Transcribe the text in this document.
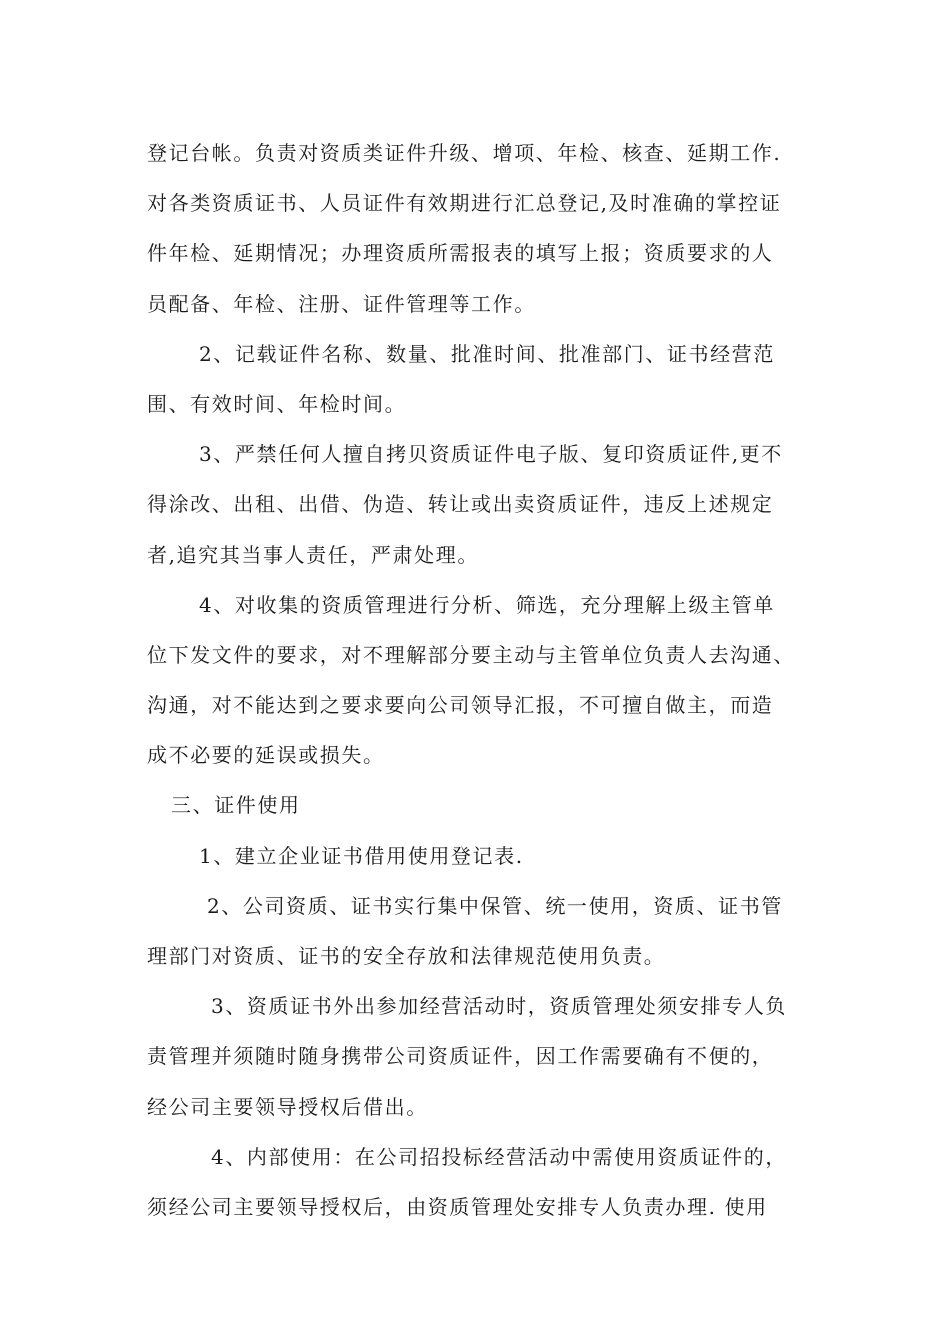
登记台帐。负责对资质类证件升级、增项、年检、核查、延期工作.
对各类资质证书、人员证件有效期进行汇总登记,及时准确的掌控证
件年检、延期情况；办理资质所需报表的填写上报；资质要求的人
员配备、年检、注册、证件管理等工作。
2、记载证件名称、数量、批准时间、批准部门、证书经营范
围、有效时间、年检时间。
3、严禁任何人擅自拷贝资质证件电子版、复印资质证件,更不
得涂改、出租、出借、伪造、转让或出卖资质证件，违反上述规定
者,追究其当事人责任，严肃处理。
4、对收集的资质管理进行分析、筛选，充分理解上级主管单
位下发文件的要求，对不理解部分要主动与主管单位负责人去沟通、
沟通，对不能达到之要求要向公司领导汇报，不可擅自做主，而造
成不必要的延误或损失。
三、证件使用
1、建立企业证书借用使用登记表.
2、公司资质、证书实行集中保管、统一使用，资质、证书管
理部门对资质、证书的安全存放和法律规范使用负责。
3、资质证书外出参加经营活动时，资质管理处须安排专人负
责管理并须随时随身携带公司资质证件，因工作需要确有不便的，
经公司主要领导授权后借出。
4、内部使用：在公司招投标经营活动中需使用资质证件的，
须经公司主要领导授权后，由资质管理处安排专人负责办理. 使用
